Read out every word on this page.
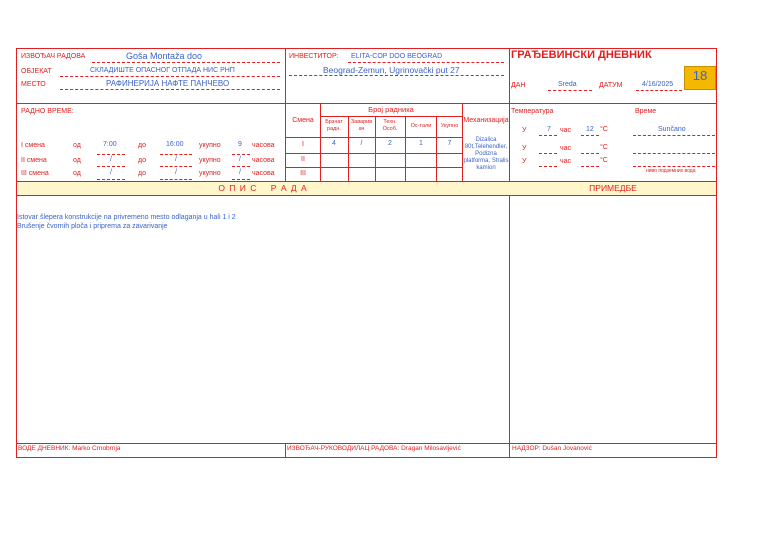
ИЗВОЂАЧ РАДОВА	Goša Montaža doo
ОБЈЕКАТ	СКЛАДИШТЕ ОПАСНОГ ОТПАДА НИС РНП
МЕСТО	РАФИНЕРИЈА НАФТЕ ПАНЧЕВО
ИНВЕСТИТОР: ELITA-COP DOO BEOGRAD
Beograd-Zemun, Ugrinovački put 27
ГРАЂЕВИНСКИ ДНЕВНИК
18
ДАН	Sreda	ДАТУМ	4/16/2025
РАДНО ВРЕМЕ:
I смена	од	7:00	до	16:00 укупно 9 часова
II смена	од	/	до	/	укупно	/ часова
III смена	од	/	до	/	укупно	/ часова
Смена
Број радника
Механизација
Брзнат радн.
Заварив ач
Техн. Особ.	Ос-тали	Укупно
I	4	/	2	1	7
II
III
Dizalica 80t,Telehendler, Podizna platforma, Stralis kamion
Температура	Време
У	7 час 12 °C	Sunčano
У	час	°C
У	час	°C
ниво подземних вода
О П И С    Р А Д А	ПРИМЕДБЕ
Istovar šlepera konstrukcije na privremeno mesto odlaganja u hali 1 i 2
Brušenje čvornih ploča i priprema za zavarivanje
ВОДЕ ДНЕВНИК: Marko Crnobrnja	ИЗВОЂАЧ-РУКОВОДИЛАЦ РАДОВА: Dragan Milosavljević	НАДЗОР: Dušan Jovanović
